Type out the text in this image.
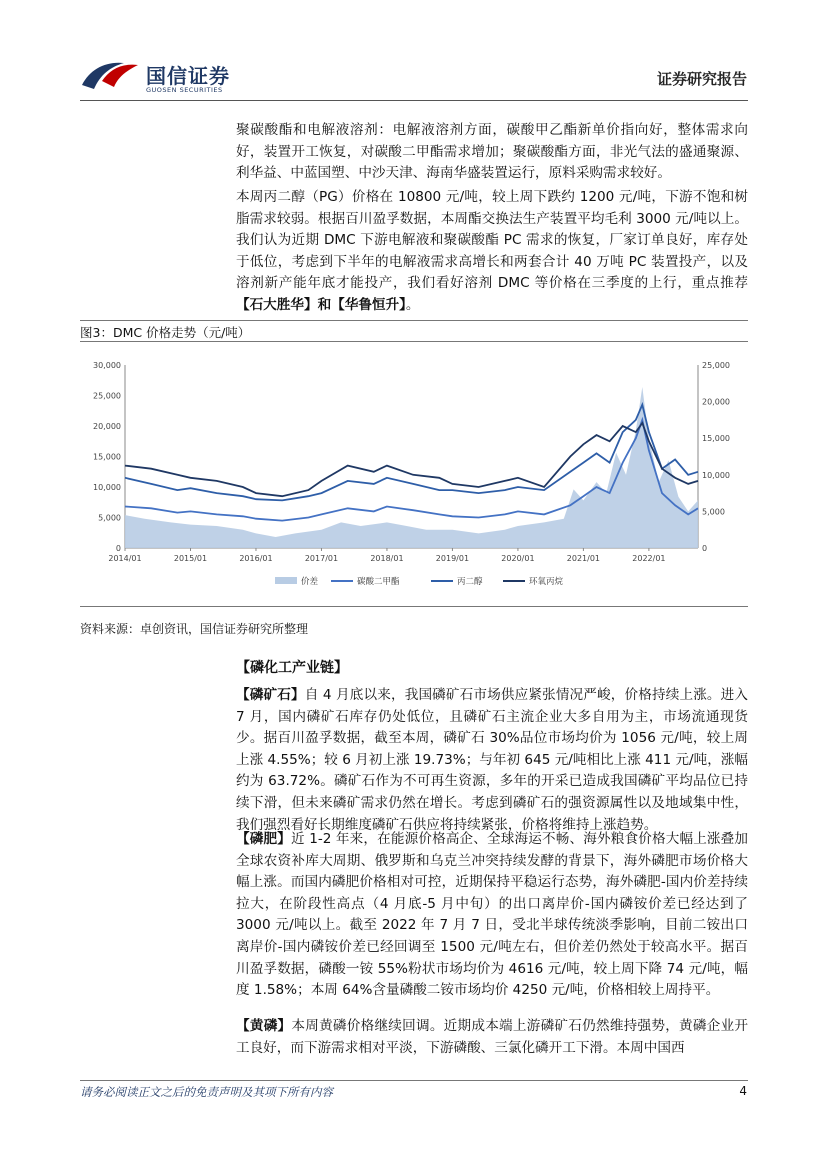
国信证券
GUOSEN SECURITIES
证券研究报告

聚碳酸酯和电解液溶剂：电解液溶剂方面，碳酸甲乙酯新单价指向好，整体需求向好，装置开工恢复，对碳酸二甲酯需求增加；聚碳酸酯方面，非光气法的盛通聚源、利华益、中蓝国塑、中沙天津、海南华盛装置运行，原料采购需求较好。

本周丙二醇（PG）价格在 10800 元/吨，较上周下跌约 1200 元/吨，下游不饱和树脂需求较弱。根据百川盈孚数据，本周酯交换法生产装置平均毛利 3000 元/吨以上。我们认为近期 DMC 下游电解液和聚碳酸酯 PC 需求的恢复，厂家订单良好，库存处于低位，考虑到下半年的电解液需求高增长和两套合计 40 万吨 PC 装置投产，以及溶剂新产能年底才能投产，我们看好溶剂 DMC 等价格在三季度的上行，重点推荐【石大胜华】和【华鲁恒升】。

图3：DMC 价格走势（元/吨）
30,000
25,000
20,000
15,000
10,000
5,000
0
25,000
20,000
15,000
10,000
5,000
0
2014/01	2015/01	2016/01	2017/01	2018/01	2019/01	2020/01	2021/01	2022/01
价差	碳酸二甲酯	丙二醇	环氧丙烷
资料来源：卓创资讯，国信证券研究所整理
【磷化工产业链】

【磷矿石】自 4 月底以来，我国磷矿石市场供应紧张情况严峻，价格持续上涨。进入 7 月，国内磷矿石库存仍处低位，且磷矿石主流企业大多自用为主，市场流通现货少。据百川盈孚数据，截至本周，磷矿石 30%品位市场均价为 1056 元/吨，较上周上涨 4.55%；较 6 月初上涨 19.73%；与年初 645 元/吨相比上涨 411 元/吨，涨幅约为 63.72%。磷矿石作为不可再生资源，多年的开采已造成我国磷矿平均品位已持续下滑，但未来磷矿需求仍然在增长。考虑到磷矿石的强资源属性以及地域集中性，我们强烈看好长期维度磷矿石供应将持续紧张，价格将维持上涨趋势。

【磷肥】近 1-2 年来，在能源价格高企、全球海运不畅、海外粮食价格大幅上涨叠加全球农资补库大周期、俄罗斯和乌克兰冲突持续发酵的背景下，海外磷肥市场价格大幅上涨。而国内磷肥价格相对可控，近期保持平稳运行态势，海外磷肥-国内价差持续拉大，在阶段性高点（4 月底-5 月中旬）的出口离岸价-国内磷铵价差已经达到了 3000 元/吨以上。截至 2022 年 7 月 7 日，受北半球传统淡季影响，目前二铵出口离岸价-国内磷铵价差已经回调至 1500 元/吨左右，但价差仍然处于较高水平。据百川盈孚数据，磷酸一铵 55%粉状市场均价为 4616 元/吨，较上周下降 74 元/吨，幅度 1.58%；本周 64%含量磷酸二铵市场均价 4250 元/吨，价格相较上周持平。

【黄磷】本周黄磷价格继续回调。近期成本端上游磷矿石仍然维持强势，黄磷企业开工良好，而下游需求相对平淡，下游磷酸、三氯化磷开工下滑。本周中国西

请务必阅读正文之后的免责声明及其项下所有内容	4
